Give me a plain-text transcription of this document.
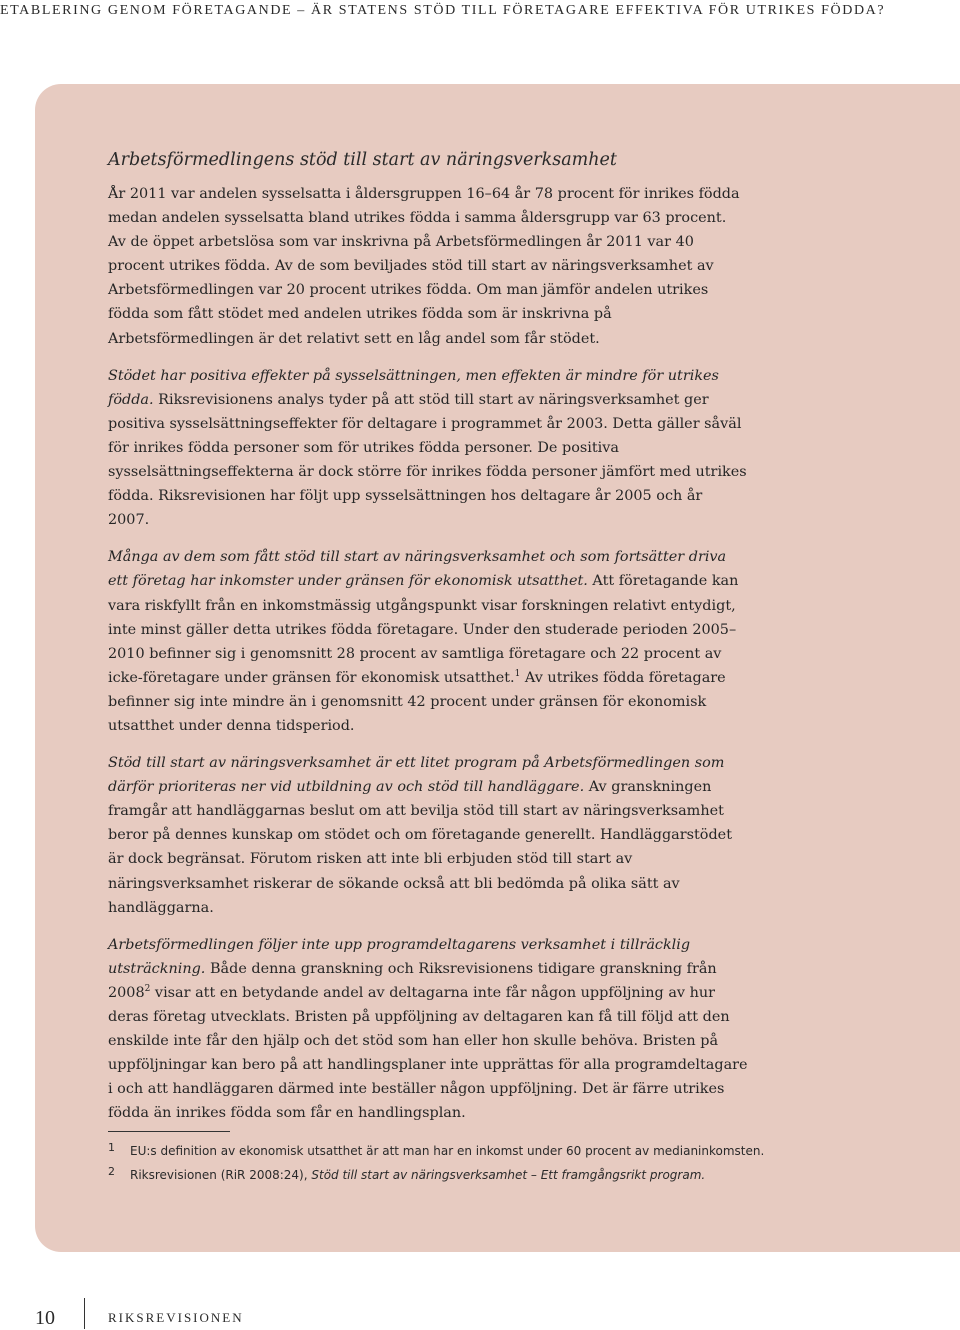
ETABLERING GENOM FÖRETAGANDE – ÄR STATENS STÖD TILL FÖRETAGARE EFFEKTIVA FÖR UTRIKES FÖDDA?
Arbetsförmedlingens stöd till start av näringsverksamhet

År 2011 var andelen sysselsatta i åldersgruppen 16–64 år 78 procent för inrikes födda medan andelen sysselsatta bland utrikes födda i samma åldersgrupp var 63 procent. Av de öppet arbetslösa som var inskrivna på Arbetsförmedlingen år 2011 var 40 procent utrikes födda. Av de som beviljades stöd till start av näringsverksamhet av Arbetsförmedlingen var 20 procent utrikes födda. Om man jämför andelen utrikes födda som fått stödet med andelen utrikes födda som är inskrivna på Arbetsförmedlingen är det relativt sett en låg andel som får stödet.

Stödet har positiva effekter på sysselsättningen, men effekten är mindre för utrikes födda. Riksrevisionens analys tyder på att stöd till start av näringsverksamhet ger positiva sysselsättningseffekter för deltagare i programmet år 2003. Detta gäller såväl för inrikes födda personer som för utrikes födda personer. De positiva sysselsättningseffekterna är dock större för inrikes födda personer jämfört med utrikes födda. Riksrevisionen har följt upp sysselsättningen hos deltagare år 2005 och år 2007.

Många av dem som fått stöd till start av näringsverksamhet och som fortsätter driva ett företag har inkomster under gränsen för ekonomisk utsatthet. Att företagande kan vara riskfyllt från en inkomstmässig utgångspunkt visar forskningen relativt entydigt, inte minst gäller detta utrikes födda företagare. Under den studerade perioden 2005–2010 befinner sig i genomsnitt 28 procent av samtliga företagare och 22 procent av icke-företagare under gränsen för ekonomisk utsatthet.$^1$ Av utrikes födda företagare befinner sig inte mindre än i genomsnitt 42 procent under gränsen för ekonomisk utsatthet under denna tidsperiod.

Stöd till start av näringsverksamhet är ett litet program på Arbetsförmedlingen som därför prioriteras ner vid utbildning av och stöd till handläggare. Av granskningen framgår att handläggarnas beslut om att bevilja stöd till start av näringsverksamhet beror på dennes kunskap om stödet och om företagande generellt. Handläggarstödet är dock begränsat. Förutom risken att inte bli erbjuden stöd till start av näringsverksamhet riskerar de sökande också att bli bedömda på olika sätt av handläggarna.

Arbetsförmedlingen följer inte upp programdeltagarens verksamhet i tillräcklig utsträckning. Både denna granskning och Riksrevisionens tidigare granskning från 2008$^2$ visar att en betydande andel av deltagarna inte får någon uppföljning av hur deras företag utvecklats. Bristen på uppföljning av deltagaren kan få till följd att den enskilde inte får den hjälp och det stöd som han eller hon skulle behöva. Bristen på uppföljningar kan bero på att handlingsplaner inte upprättas för alla programdeltagare i och att handläggaren därmed inte beställer någon uppföljning. Det är färre utrikes födda än inrikes födda som får en handlingsplan.

1 EU:s definition av ekonomisk utsatthet är att man har en inkomst under 60 procent av medianinkomsten.
2 Riksrevisionen (RiR 2008:24), Stöd till start av näringsverksamhet – Ett framgångsrikt program.
10	RIKSREVISIONEN
